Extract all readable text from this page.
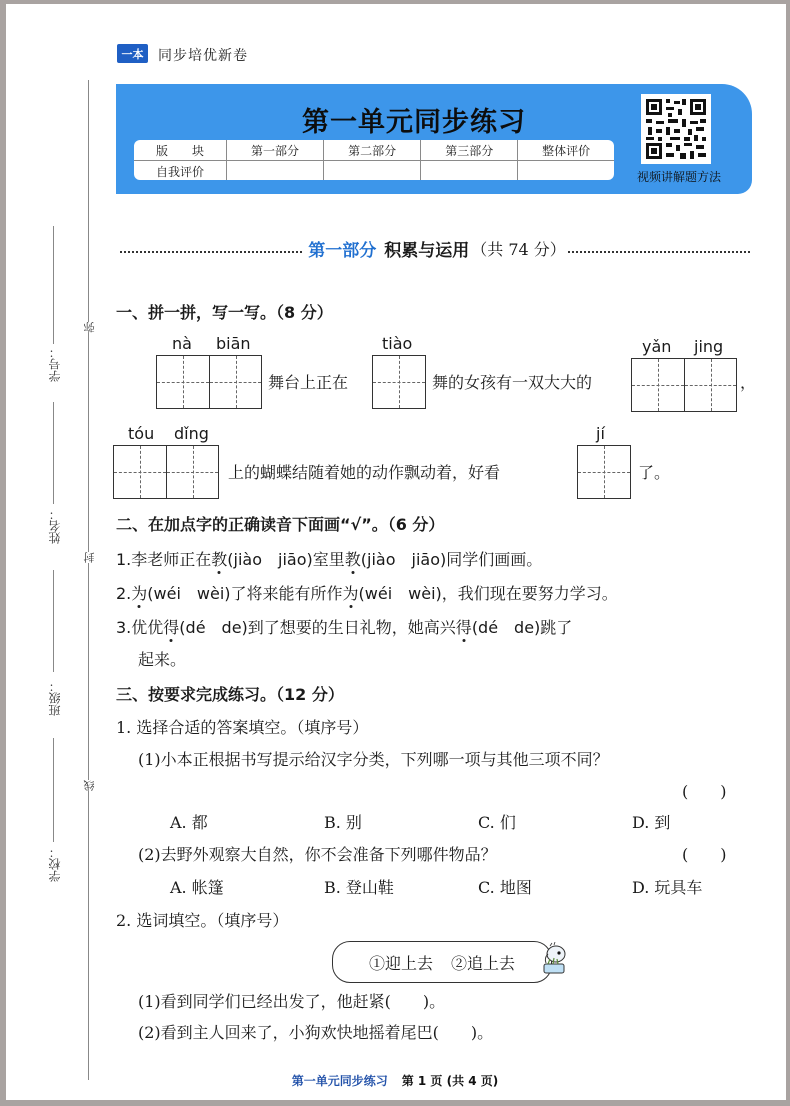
一本	同步培优新卷
弥
封
线
学号：
姓名：
班级：
学校：
第一单元同步练习
版　　块	第一部分	第二部分	第三部分	整体评价
自我评价					视频讲解题方法
第一部分 积累与运用 （共 74 分）
一、拼一拼，写一写。（8 分）
nà biān
舞台上正在
tiào
舞的女孩有一双大大的
yǎn jing
，
tóu dǐng
上的蝴蝶结随着她的动作飘动着，好看
jí
了。
二、在加点字的正确读音下面画“√”。（6 分）
1.李老师正在教(jiào　jiāo)室里教(jiào　jiāo)同学们画画。
2.为(wéi　wèi)了将来能有所作为(wéi　wèi)，我们现在要努力学习。
3.优优得(dé　de)到了想要的生日礼物，她高兴得(dé　de)跳了
起来。
三、按要求完成练习。（12 分）
1. 选择合适的答案填空。（填序号）
(1)小本正根据书写提示给汉字分类，下列哪一项与其他三项不同？
(　　)
A. 都	B. 别	C. 们	D. 到
(2)去野外观察大自然，你不会准备下列哪件物品？	(　　)
A. 帐篷	B. 登山鞋	C. 地图	D. 玩具车
2. 选词填空。（填序号）
①迎上去 ②追上去
(1)看到同学们已经出发了，他赶紧(　　)。
(2)看到主人回来了，小狗欢快地摇着尾巴(　　)。
第一单元同步练习 第 1 页 (共 4 页)
